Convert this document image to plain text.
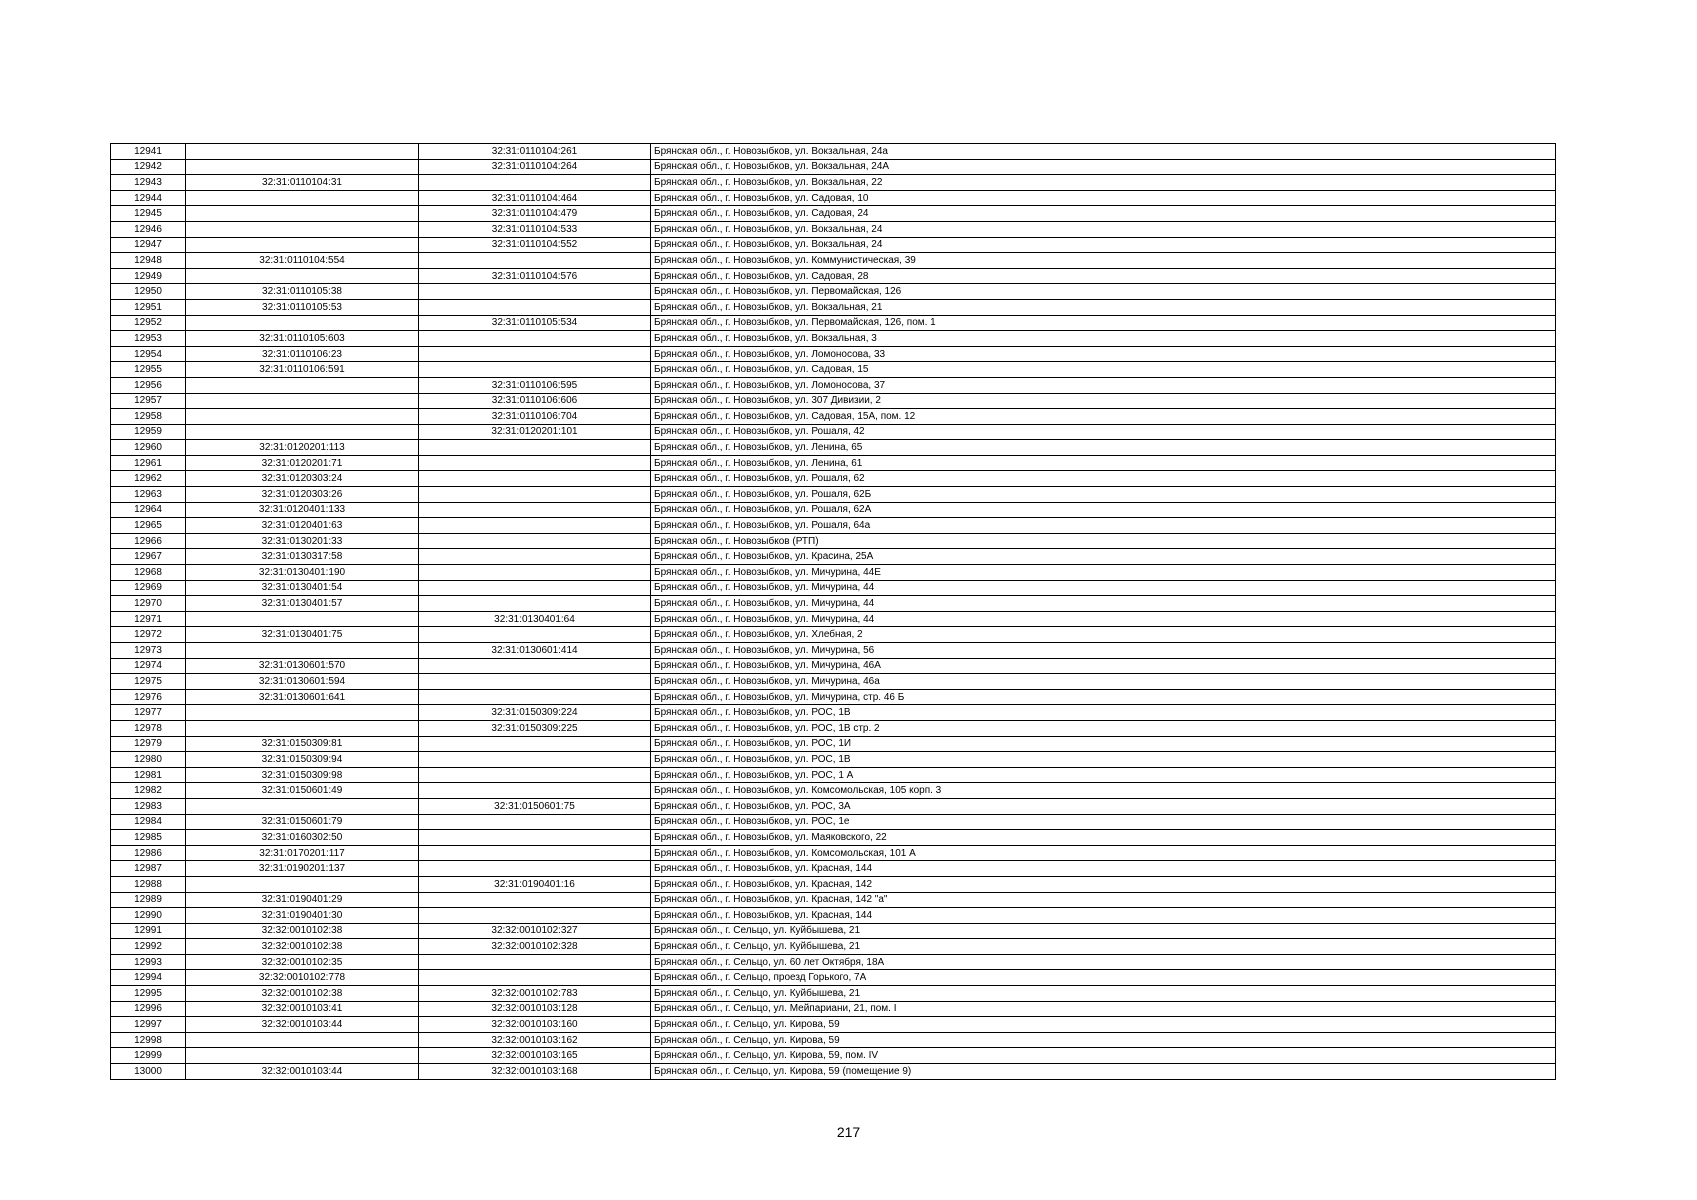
12941		32:31:0110104:261	Брянская обл., г. Новозыбков, ул. Вокзальная, 24а
12942		32:31:0110104:264	Брянская обл., г. Новозыбков, ул. Вокзальная, 24А
12943	32:31:0110104:31		Брянская обл., г. Новозыбков, ул. Вокзальная, 22
12944		32:31:0110104:464	Брянская обл., г. Новозыбков, ул. Садовая, 10
12945		32:31:0110104:479	Брянская обл., г. Новозыбков, ул. Садовая, 24
12946		32:31:0110104:533	Брянская обл., г. Новозыбков, ул. Вокзальная, 24
12947		32:31:0110104:552	Брянская обл., г. Новозыбков, ул. Вокзальная, 24
12948	32:31:0110104:554		Брянская обл., г. Новозыбков, ул. Коммунистическая, 39
12949		32:31:0110104:576	Брянская обл., г. Новозыбков, ул. Садовая, 28
12950	32:31:0110105:38		Брянская обл., г. Новозыбков, ул. Первомайская, 126
12951	32:31:0110105:53		Брянская обл., г. Новозыбков, ул. Вокзальная, 21
12952		32:31:0110105:534	Брянская обл., г. Новозыбков, ул. Первомайская, 126, пом. 1
12953	32:31:0110105:603		Брянская обл., г. Новозыбков, ул. Вокзальная, 3
12954	32:31:0110106:23		Брянская обл., г. Новозыбков, ул. Ломоносова, 33
12955	32:31:0110106:591		Брянская обл., г. Новозыбков, ул. Садовая, 15
12956		32:31:0110106:595	Брянская обл., г. Новозыбков, ул. Ломоносова, 37
12957		32:31:0110106:606	Брянская обл., г. Новозыбков, ул. 307 Дивизии, 2
12958		32:31:0110106:704	Брянская обл., г. Новозыбков, ул. Садовая, 15А, пом. 12
12959		32:31:0120201:101	Брянская обл., г. Новозыбков, ул. Рошаля, 42
12960	32:31:0120201:113		Брянская обл., г. Новозыбков, ул. Ленина, 65
12961	32:31:0120201:71		Брянская обл., г. Новозыбков, ул. Ленина, 61
12962	32:31:0120303:24		Брянская обл., г. Новозыбков, ул. Рошаля, 62
12963	32:31:0120303:26		Брянская обл., г. Новозыбков, ул. Рошаля, 62Б
12964	32:31:0120401:133		Брянская обл., г. Новозыбков, ул. Рошаля, 62А
12965	32:31:0120401:63		Брянская обл., г. Новозыбков, ул. Рошаля, 64а
12966	32:31:0130201:33		Брянская обл., г. Новозыбков (РТП)
12967	32:31:0130317:58		Брянская обл., г. Новозыбков, ул. Красина, 25А
12968	32:31:0130401:190		Брянская обл., г. Новозыбков, ул. Мичурина, 44Е
12969	32:31:0130401:54		Брянская обл., г. Новозыбков, ул. Мичурина, 44
12970	32:31:0130401:57		Брянская обл., г. Новозыбков, ул. Мичурина, 44
12971		32:31:0130401:64	Брянская обл., г. Новозыбков, ул. Мичурина, 44
12972	32:31:0130401:75		Брянская обл., г. Новозыбков, ул. Хлебная, 2
12973		32:31:0130601:414	Брянская обл., г. Новозыбков, ул. Мичурина, 56
12974	32:31:0130601:570		Брянская обл., г. Новозыбков, ул. Мичурина, 46А
12975	32:31:0130601:594		Брянская обл., г. Новозыбков, ул. Мичурина, 46а
12976	32:31:0130601:641		Брянская обл., г. Новозыбков, ул. Мичурина, стр. 46 Б
12977		32:31:0150309:224	Брянская обл., г. Новозыбков, ул. РОС, 1В
12978		32:31:0150309:225	Брянская обл., г. Новозыбков, ул. РОС, 1В стр. 2
12979	32:31:0150309:81		Брянская обл., г. Новозыбков, ул. РОС, 1И
12980	32:31:0150309:94		Брянская обл., г. Новозыбков, ул. РОС, 1В
12981	32:31:0150309:98		Брянская обл., г. Новозыбков, ул. РОС, 1 А
12982	32:31:0150601:49		Брянская обл., г. Новозыбков, ул. Комсомольская, 105 корп. 3
12983		32:31:0150601:75	Брянская обл., г. Новозыбков, ул. РОС, 3А
12984	32:31:0150601:79		Брянская обл., г. Новозыбков, ул. РОС, 1е
12985	32:31:0160302:50		Брянская обл., г. Новозыбков, ул. Маяковского, 22
12986	32:31:0170201:117		Брянская обл., г. Новозыбков, ул. Комсомольская, 101 А
12987	32:31:0190201:137		Брянская обл., г. Новозыбков, ул. Красная, 144
12988		32:31:0190401:16	Брянская обл., г. Новозыбков, ул. Красная, 142
12989	32:31:0190401:29		Брянская обл., г. Новозыбков, ул. Красная, 142 "а"
12990	32:31:0190401:30		Брянская обл., г. Новозыбков, ул. Красная, 144
12991	32:32:0010102:38	32:32:0010102:327	Брянская обл., г. Сельцо, ул. Куйбышева, 21
12992	32:32:0010102:38	32:32:0010102:328	Брянская обл., г. Сельцо, ул. Куйбышева, 21
12993	32:32:0010102:35		Брянская обл., г. Сельцо, ул. 60 лет Октября, 18А
12994	32:32:0010102:778		Брянская обл., г. Сельцо, проезд Горького, 7А
12995	32:32:0010102:38	32:32:0010102:783	Брянская обл., г. Сельцо, ул. Куйбышева, 21
12996	32:32:0010103:41	32:32:0010103:128	Брянская обл., г. Сельцо, ул. Мейпариани, 21, пом. I
12997	32:32:0010103:44	32:32:0010103:160	Брянская обл., г. Сельцо, ул. Кирова, 59
12998		32:32:0010103:162	Брянская обл., г. Сельцо, ул. Кирова, 59
12999		32:32:0010103:165	Брянская обл., г. Сельцо, ул. Кирова, 59, пом. IV
13000	32:32:0010103:44	32:32:0010103:168	Брянская обл., г. Сельцо, ул. Кирова, 59 (помещение 9)
217
